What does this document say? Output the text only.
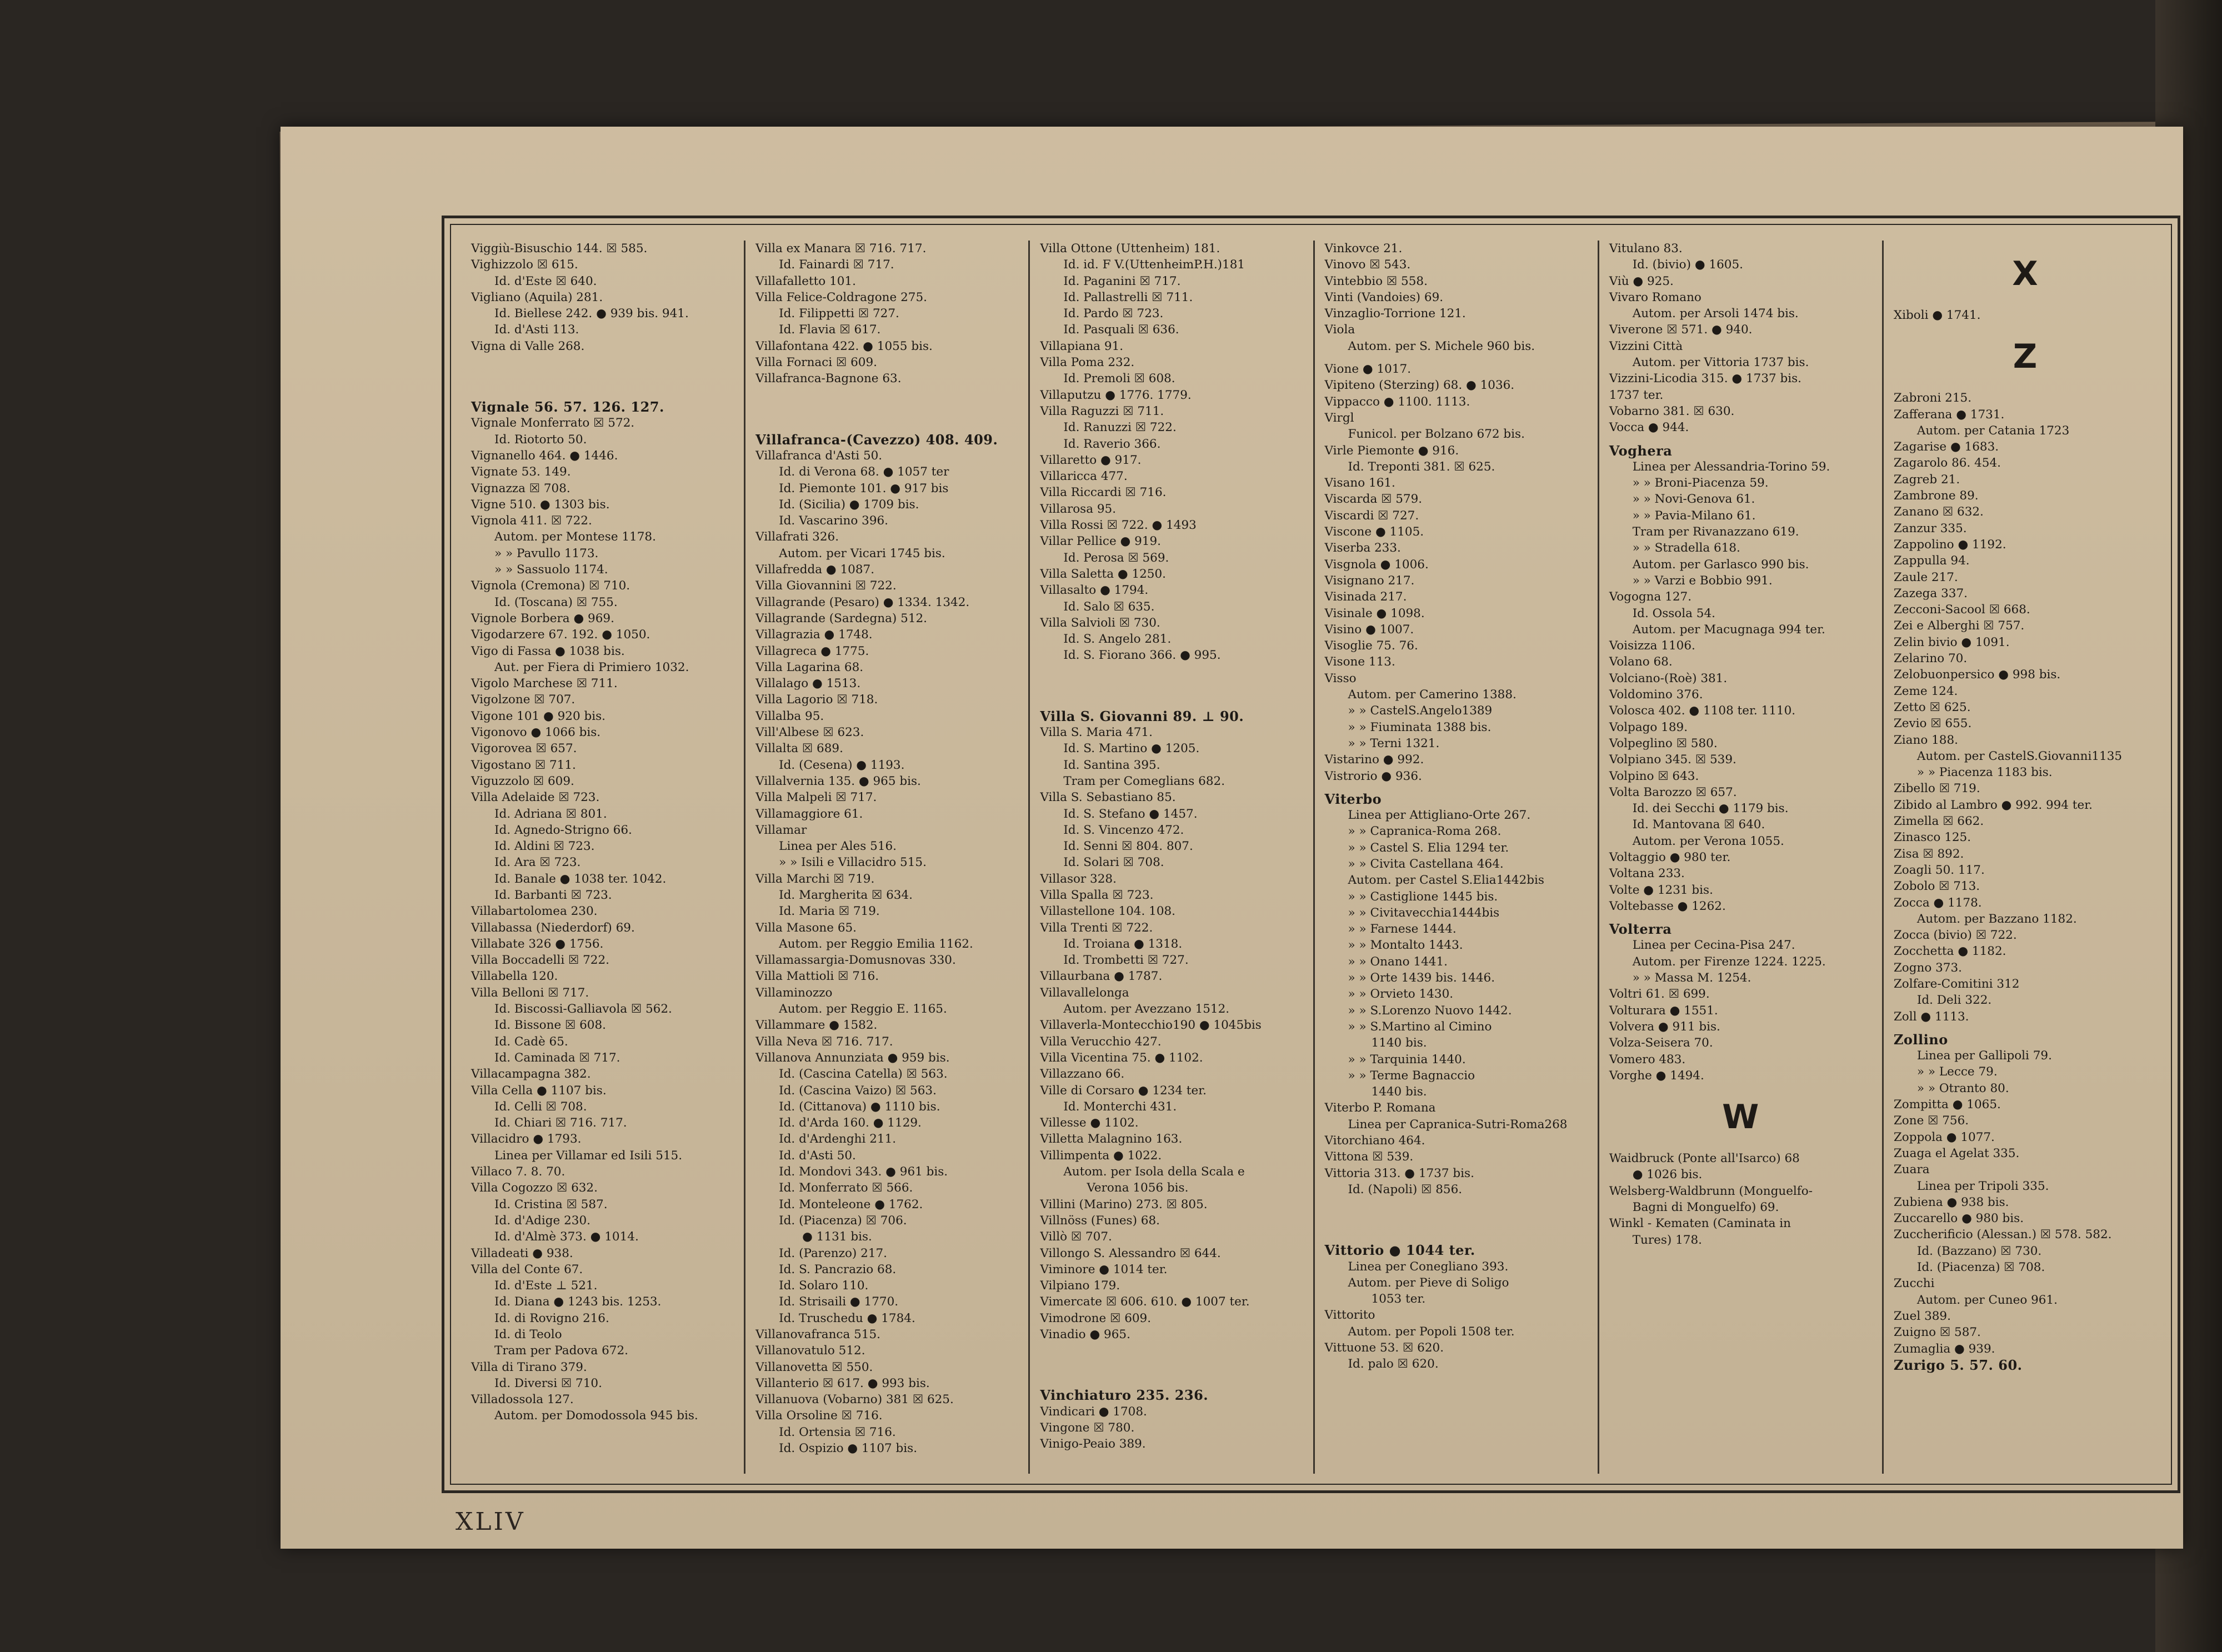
Viggiù-Bisuschio 144. ☒ 585.
Vighizzolo ☒ 615.
Id. d'Este ☒ 640.
Vigliano (Aquila) 281.
Id. Biellese 242. ● 939 bis. 941.
Id. d'Asti 113.
Vigna di Valle 268.
Vignale 56. 57. 126. 127.
Vignale Monferrato ☒ 572.
Id. Riotorto 50.
Vignanello 464. ● 1446.
Vignate 53. 149.
Vignazza ☒ 708.
Vigne 510. ● 1303 bis.
Vignola 411. ☒ 722.
Autom. per Montese 1178.
» » Pavullo 1173.
» » Sassuolo 1174.
Vignola (Cremona) ☒ 710.
Id. (Toscana) ☒ 755.
Vignole Borbera ● 969.
Vigodarzere 67. 192. ● 1050.
Vigo di Fassa ● 1038 bis.
Aut. per Fiera di Primiero 1032.
Vigolo Marchese ☒ 711.
Vigolzone ☒ 707.
Vigone 101 ● 920 bis.
Vigonovo ● 1066 bis.
Vigorovea ☒ 657.
Vigostano ☒ 711.
Viguzzolo ☒ 609.
Villa Adelaide ☒ 723.
Id. Adriana ☒ 801.
Id. Agnedo-Strigno 66.
Id. Aldini ☒ 723.
Id. Ara ☒ 723.
Id. Banale ● 1038 ter. 1042.
Id. Barbanti ☒ 723.
Villabartolomea 230.
Villabassa (Niederdorf) 69.
Villabate 326 ● 1756.
Villa Boccadelli ☒ 722.
Villabella 120.
Villa Belloni ☒ 717.
Id. Biscossi-Galliavola ☒ 562.
Id. Bissone ☒ 608.
Id. Cadè 65.
Id. Caminada ☒ 717.
Villacampagna 382.
Villa Cella ● 1107 bis.
Id. Celli ☒ 708.
Id. Chiari ☒ 716. 717.
Villacidro ● 1793.
Linea per Villamar ed Isili 515.
Villaco 7. 8. 70.
Villa Cogozzo ☒ 632.
Id. Cristina ☒ 587.
Id. d'Adige 230.
Id. d'Almè 373. ● 1014.
Villadeati ● 938.
Villa del Conte 67.
Id. d'Este ⊥ 521.
Id. Diana ● 1243 bis. 1253.
Id. di Rovigno 216.
Id. di Teolo
Tram per Padova 672.
Villa di Tirano 379.
Id. Diversi ☒ 710.
Villadossola 127.
Autom. per Domodossola 945 bis.
Villa ex Manara ☒ 716. 717.
Id. Fainardi ☒ 717.
Villafalletto 101.
Villa Felice-Coldragone 275.
Id. Filippetti ☒ 727.
Id. Flavia ☒ 617.
Villafontana 422. ● 1055 bis.
Villa Fornaci ☒ 609.
Villafranca-Bagnone 63.
Villafranca-(Cavezzo) 408. 409.
Villafranca d'Asti 50.
Id. di Verona 68. ● 1057 ter
Id. Piemonte 101. ● 917 bis
Id. (Sicilia) ● 1709 bis.
Id. Vascarino 396.
Villafrati 326.
Autom. per Vicari 1745 bis.
Villafredda ● 1087.
Villa Giovannini ☒ 722.
Villagrande (Pesaro) ● 1334. 1342.
Villagrande (Sardegna) 512.
Villagrazia ● 1748.
Villagreca ● 1775.
Villa Lagarina 68.
Villalago ● 1513.
Villa Lagorio ☒ 718.
Villalba 95.
Vill'Albese ☒ 623.
Villalta ☒ 689.
Id. (Cesena) ● 1193.
Villalvernia 135. ● 965 bis.
Villa Malpeli ☒ 717.
Villamaggiore 61.
Villamar
Linea per Ales 516.
» » Isili e Villacidro 515.
Villa Marchi ☒ 719.
Id. Margherita ☒ 634.
Id. Maria ☒ 719.
Villa Masone 65.
Autom. per Reggio Emilia 1162.
Villamassargia-Domusnovas 330.
Villa Mattioli ☒ 716.
Villaminozzo
Autom. per Reggio E. 1165.
Villammare ● 1582.
Villa Neva ☒ 716. 717.
Villanova Annunziata ● 959 bis.
Id. (Cascina Catella) ☒ 563.
Id. (Cascina Vaizo) ☒ 563.
Id. (Cittanova) ● 1110 bis.
Id. d'Arda 160. ● 1129.
Id. d'Ardenghi 211.
Id. d'Asti 50.
Id. Mondovi 343. ● 961 bis.
Id. Monferrato ☒ 566.
Id. Monteleone ● 1762.
Id. (Piacenza) ☒ 706.
● 1131 bis.
Id. (Parenzo) 217.
Id. S. Pancrazio 68.
Id. Solaro 110.
Id. Strisaili ● 1770.
Id. Truschedu ● 1784.
Villanovafranca 515.
Villanovatulo 512.
Villanovetta ☒ 550.
Villanterio ☒ 617. ● 993 bis.
Villanuova (Vobarno) 381 ☒ 625.
Villa Orsoline ☒ 716.
Id. Ortensia ☒ 716.
Id. Ospizio ● 1107 bis.
Villa Ottone (Uttenheim) 181.
Id. id. F V.(UttenheimP.H.)181
Id. Paganini ☒ 717.
Id. Pallastrelli ☒ 711.
Id. Pardo ☒ 723.
Id. Pasquali ☒ 636.
Villapiana 91.
Villa Poma 232.
Id. Premoli ☒ 608.
Villaputzu ● 1776. 1779.
Villa Raguzzi ☒ 711.
Id. Ranuzzi ☒ 722.
Id. Raverio 366.
Villaretto ● 917.
Villaricca 477.
Villa Riccardi ☒ 716.
Villarosa 95.
Villa Rossi ☒ 722. ● 1493
Villar Pellice ● 919.
Id. Perosa ☒ 569.
Villa Saletta ● 1250.
Villasalto ● 1794.
Id. Salo ☒ 635.
Villa Salvioli ☒ 730.
Id. S. Angelo 281.
Id. S. Fiorano 366. ● 995.
Villa S. Giovanni 89. ⊥ 90.
Villa S. Maria 471.
Id. S. Martino ● 1205.
Id. Santina 395.
Tram per Comeglians 682.
Villa S. Sebastiano 85.
Id. S. Stefano ● 1457.
Id. S. Vincenzo 472.
Id. Senni ☒ 804. 807.
Id. Solari ☒ 708.
Villasor 328.
Villa Spalla ☒ 723.
Villastellone 104. 108.
Villa Trenti ☒ 722.
Id. Troiana ● 1318.
Id. Trombetti ☒ 727.
Villaurbana ● 1787.
Villavallelonga
Autom. per Avezzano 1512.
Villaverla-Montecchio190 ● 1045bis
Villa Verucchio 427.
Villa Vicentina 75. ● 1102.
Villazzano 66.
Ville di Corsaro ● 1234 ter.
Id. Monterchi 431.
Villesse ● 1102.
Villetta Malagnino 163.
Villimpenta ● 1022.
Autom. per Isola della Scala e
Verona 1056 bis.
Villini (Marino) 273. ☒ 805.
Villnöss (Funes) 68.
Villò ☒ 707.
Villongo S. Alessandro ☒ 644.
Viminore ● 1014 ter.
Vilpiano 179.
Vimercate ☒ 606. 610. ● 1007 ter.
Vimodrone ☒ 609.
Vinadio ● 965.
Vinchiaturo 235. 236.
Vindicari ● 1708.
Vingone ☒ 780.
Vinigo-Peaio 389.
Vinkovce 21.
Vinovo ☒ 543.
Vintebbio ☒ 558.
Vinti (Vandoies) 69.
Vinzaglio-Torrione 121.
Viola
Autom. per S. Michele 960 bis.
Vione ● 1017.
Vipiteno (Sterzing) 68. ● 1036.
Vippacco ● 1100. 1113.
Virgl
Funicol. per Bolzano 672 bis.
Virle Piemonte ● 916.
Id. Treponti 381. ☒ 625.
Visano 161.
Viscarda ☒ 579.
Viscardi ☒ 727.
Viscone ● 1105.
Viserba 233.
Visgnola ● 1006.
Visignano 217.
Visinada 217.
Visinale ● 1098.
Visino ● 1007.
Visoglie 75. 76.
Visone 113.
Visso
Autom. per Camerino 1388.
» » CastelS.Angelo1389
» » Fiuminata 1388 bis.
» » Terni 1321.
Vistarino ● 992.
Vistrorio ● 936.
Viterbo
Linea per Attigliano-Orte 267.
» » Capranica-Roma 268.
» » Castel S. Elia 1294 ter.
» » Civita Castellana 464.
Autom. per Castel S.Elia1442bis
» » Castiglione 1445 bis.
» » Civitavecchia1444bis
» » Farnese 1444.
» » Montalto 1443.
» » Onano 1441.
» » Orte 1439 bis. 1446.
» » Orvieto 1430.
» » S.Lorenzo Nuovo 1442.
» » S.Martino al Cimino
1140 bis.
» » Tarquinia 1440.
» » Terme Bagnaccio
1440 bis.
Viterbo P. Romana
Linea per Capranica-Sutri-Roma268
Vitorchiano 464.
Vittona ☒ 539.
Vittoria 313. ● 1737 bis.
Id. (Napoli) ☒ 856.
Vittorio ● 1044 ter.
Linea per Conegliano 393.
Autom. per Pieve di Soligo
1053 ter.
Vittorito
Autom. per Popoli 1508 ter.
Vittuone 53. ☒ 620.
Id. palo ☒ 620.
Vitulano 83.
Id. (bivio) ● 1605.
Viù ● 925.
Vivaro Romano
Autom. per Arsoli 1474 bis.
Viverone ☒ 571. ● 940.
Vizzini Città
Autom. per Vittoria 1737 bis.
Vizzini-Licodia 315. ● 1737 bis.
1737 ter.
Vobarno 381. ☒ 630.
Vocca ● 944.
Voghera
Linea per Alessandria-Torino 59.
» » Broni-Piacenza 59.
» » Novi-Genova 61.
» » Pavia-Milano 61.
Tram per Rivanazzano 619.
» » Stradella 618.
Autom. per Garlasco 990 bis.
» » Varzi e Bobbio 991.
Vogogna 127.
Id. Ossola 54.
Autom. per Macugnaga 994 ter.
Voisizza 1106.
Volano 68.
Volciano-(Roè) 381.
Voldomino 376.
Volosca 402. ● 1108 ter. 1110.
Volpago 189.
Volpeglino ☒ 580.
Volpiano 345. ☒ 539.
Volpino ☒ 643.
Volta Barozzo ☒ 657.
Id. dei Secchi ● 1179 bis.
Id. Mantovana ☒ 640.
Autom. per Verona 1055.
Voltaggio ● 980 ter.
Voltana 233.
Volte ● 1231 bis.
Voltebasse ● 1262.
Volterra
Linea per Cecina-Pisa 247.
Autom. per Firenze 1224. 1225.
» » Massa M. 1254.
Voltri 61. ☒ 699.
Volturara ● 1551.
Volvera ● 911 bis.
Volza-Seisera 70.
Vomero 483.
Vorghe ● 1494.
W
Waidbruck (Ponte all'Isarco) 68
● 1026 bis.
Welsberg-Waldbrunn (Monguelfo-
Bagni di Monguelfo) 69.
Winkl - Kematen (Caminata in
Tures) 178.
X
Xiboli ● 1741.
Z
Zabroni 215.
Zafferana ● 1731.
Autom. per Catania 1723
Zagarise ● 1683.
Zagarolo 86. 454.
Zagreb 21.
Zambrone 89.
Zanano ☒ 632.
Zanzur 335.
Zappolino ● 1192.
Zappulla 94.
Zaule 217.
Zazega 337.
Zecconi-Sacool ☒ 668.
Zei e Alberghi ☒ 757.
Zelin bivio ● 1091.
Zelarino 70.
Zelobuonpersico ● 998 bis.
Zeme 124.
Zetto ☒ 625.
Zevio ☒ 655.
Ziano 188.
Autom. per CastelS.Giovanni1135
» » Piacenza 1183 bis.
Zibello ☒ 719.
Zibido al Lambro ● 992. 994 ter.
Zimella ☒ 662.
Zinasco 125.
Zisa ☒ 892.
Zoagli 50. 117.
Zobolo ☒ 713.
Zocca ● 1178.
Autom. per Bazzano 1182.
Zocca (bivio) ☒ 722.
Zocchetta ● 1182.
Zogno 373.
Zolfare-Comitini 312
Id. Deli 322.
Zoll ● 1113.
Zollino
Linea per Gallipoli 79.
» » Lecce 79.
» » Otranto 80.
Zompitta ● 1065.
Zone ☒ 756.
Zoppola ● 1077.
Zuaga el Agelat 335.
Zuara
Linea per Tripoli 335.
Zubiena ● 938 bis.
Zuccarello ● 980 bis.
Zuccherificio (Alessan.) ☒ 578. 582.
Id. (Bazzano) ☒ 730.
Id. (Piacenza) ☒ 708.
Zucchi
Autom. per Cuneo 961.
Zuel 389.
Zuigno ☒ 587.
Zumaglia ● 939.
Zurigo 5. 57. 60.
XLIV
